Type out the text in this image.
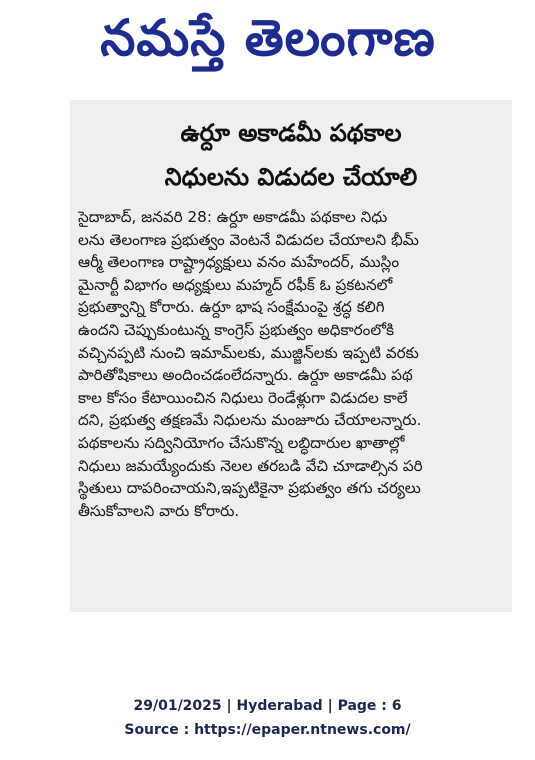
నమస్తే తెలంగాణ
ఉర్దూ అకాడమీ పథకాల
నిధులను విడుదల చేయాలి
సైదాబాద్, జనవరి 28: ఉర్దూ అకాడమీ పథకాల నిధు
లను తెలంగాణ ప్రభుత్వం వెంటనే విడుదల చేయాలని భీమ్
ఆర్మీ తెలంగాణ రాష్ట్రాధ్యక్షులు వనం మహేందర్, ముస్లిం
మైనార్టీ విభాగం అధ్యక్షులు మహ్మద్ రఫీక్ ఓ ప్రకటనలో
ప్రభుత్వాన్ని కోరారు. ఉర్దూ భాష సంక్షేమంపై శ్రద్ధ కలిగి
ఉందని చెప్పుకుంటున్న కాంగ్రెస్ ప్రభుత్వం అధికారంలోకి
వచ్చినప్పటి నుంచి ఇమామ్‌లకు, ముజ్జిన్‌లకు ఇప్పటి వరకు
పారితోషికాలు అందించడంలేదన్నారు. ఉర్దూ అకాడమీ పథ
కాల కోసం కేటాయించిన నిధులు రెండేళ్లుగా విడుదల కాలే
దని, ప్రభుత్వ తక్షణమే నిధులను మంజూరు చేయాలన్నారు.
పథకాలను సద్వినియోగం చేసుకొన్న లబ్ధిదారుల ఖాతాల్లో
నిధులు జమయ్యేందుకు నెలల తరబడి వేచి చూడాల్సిన పరి
స్థితులు దాపరించాయని,ఇప్పటికైనా ప్రభుత్వం తగు చర్యలు
తీసుకోవాలని వారు కోరారు.
29/01/2025 | Hyderabad | Page : 6
Source : https://epaper.ntnews.com/
